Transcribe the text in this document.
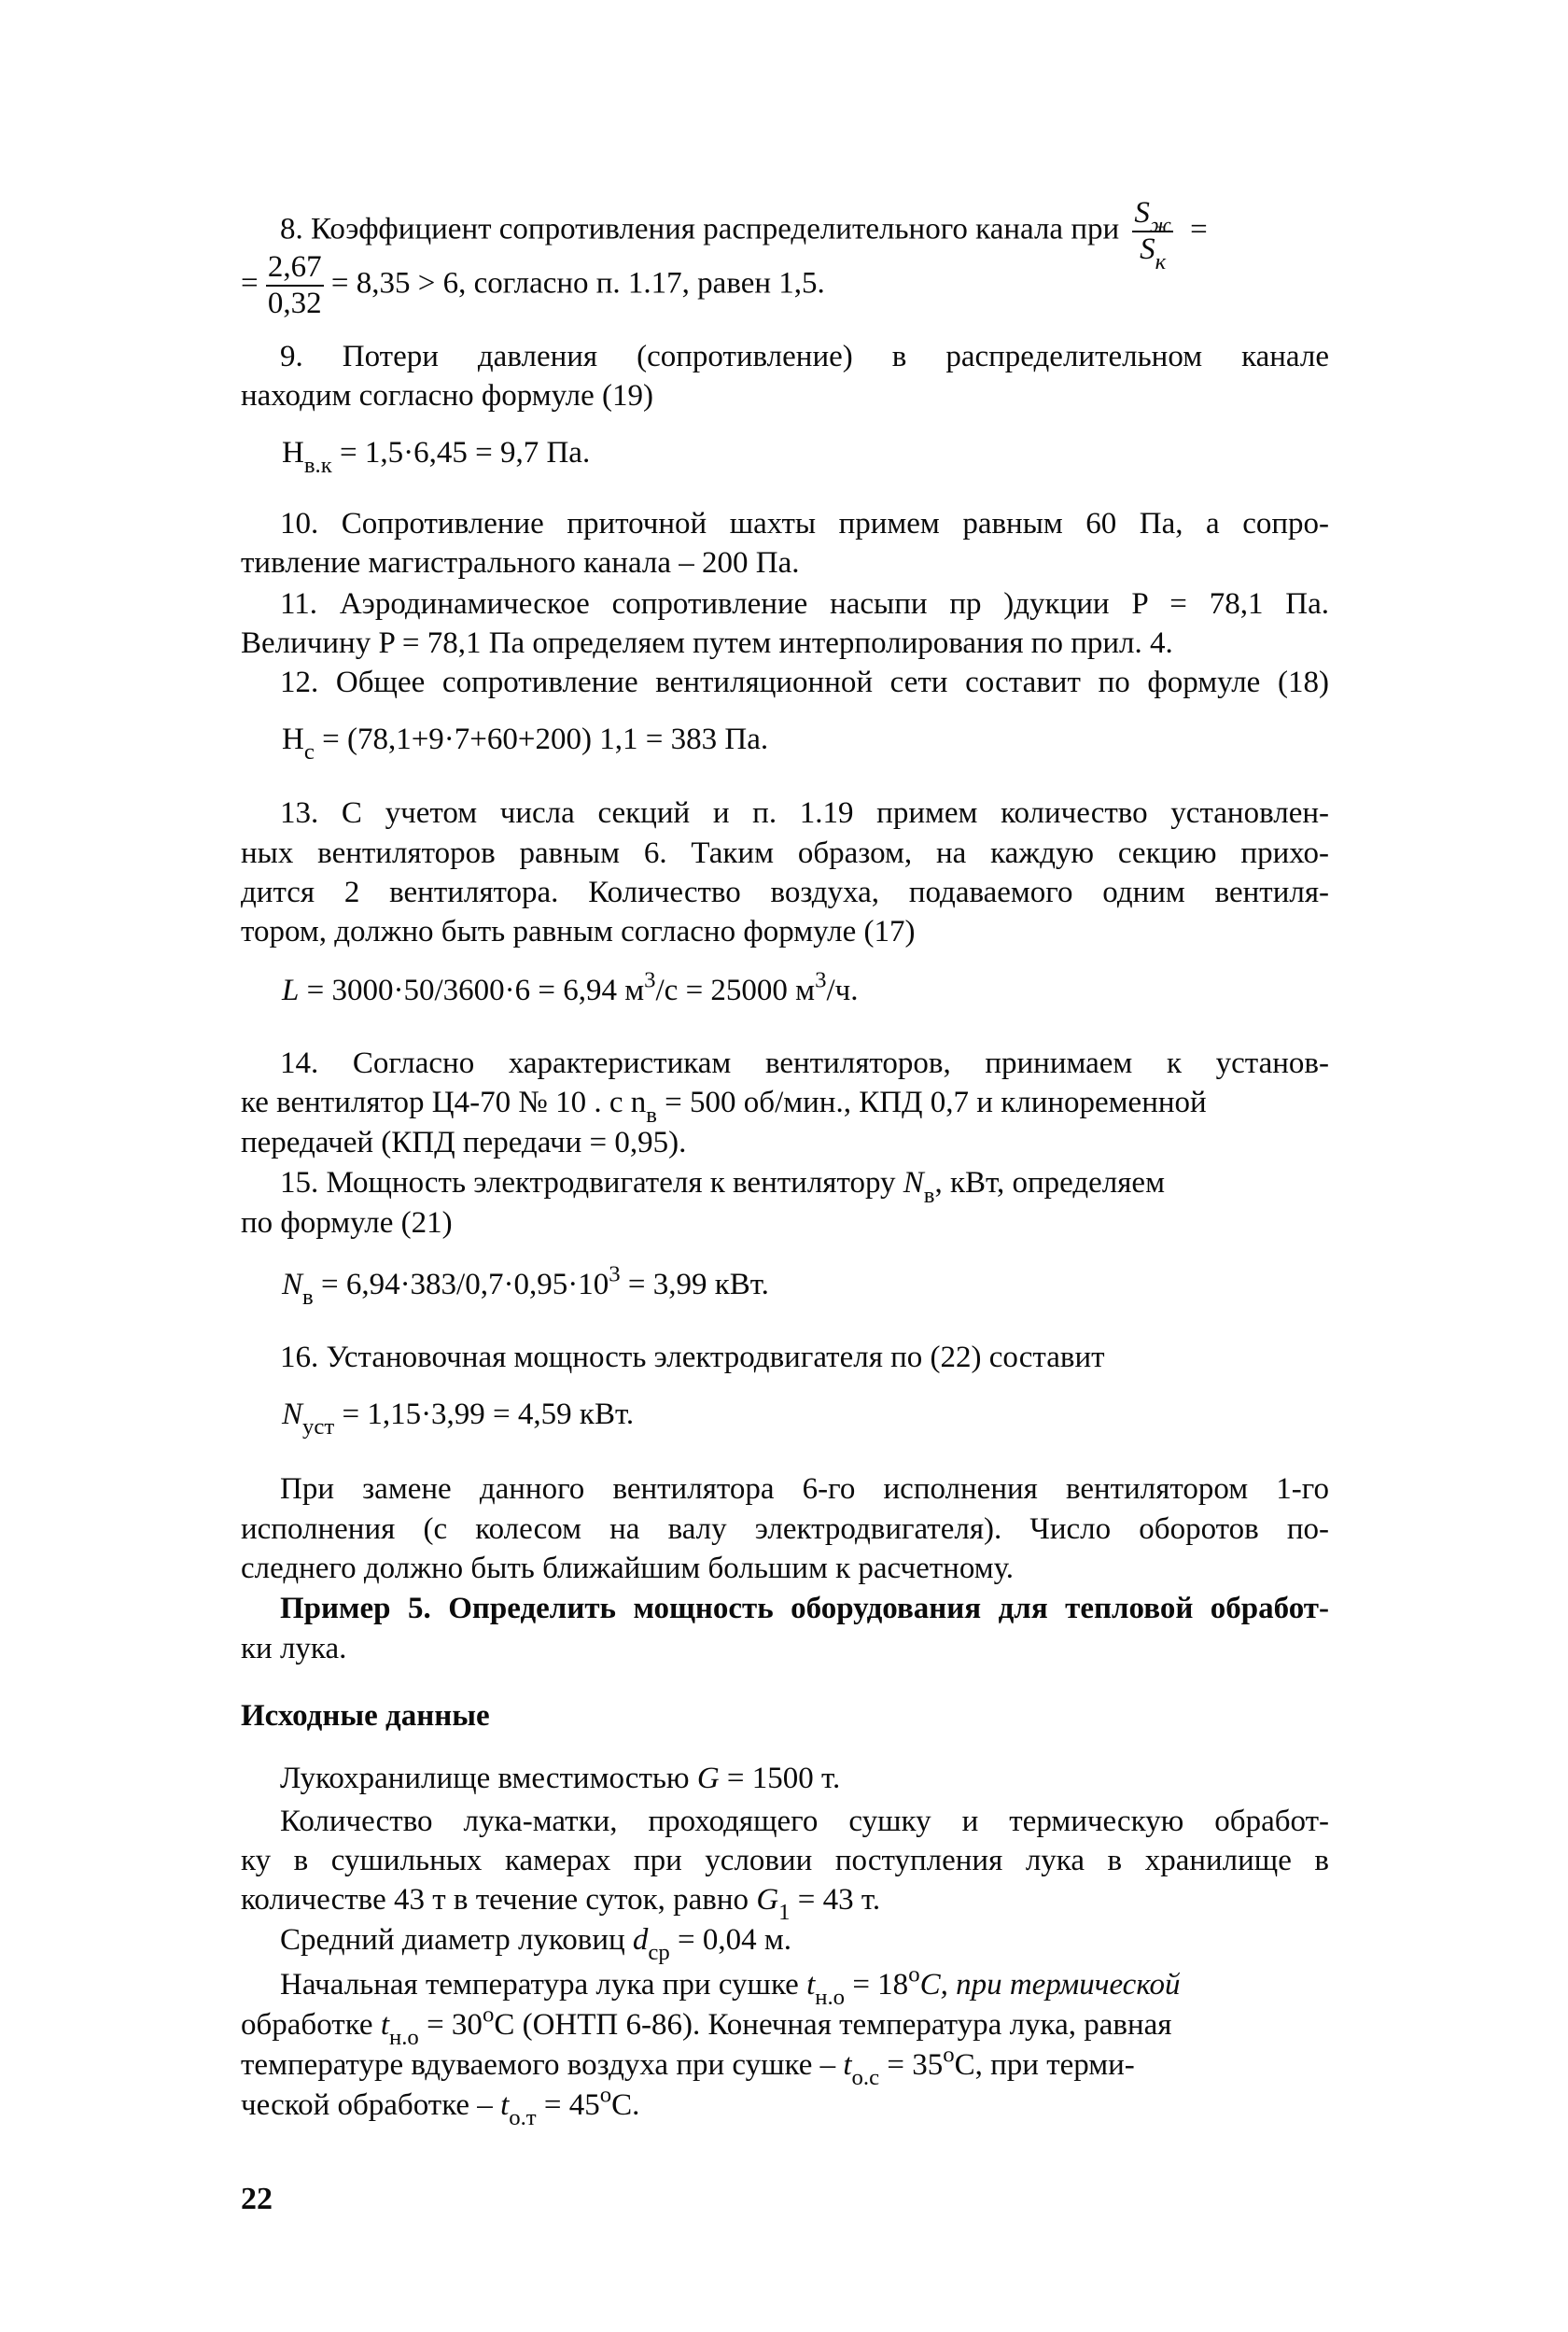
8. Коэффициент сопротивления распределительного канала при $\frac{S_ж}{S_к}$ =
= $\frac{2,67}{0,32} = 8,35 > 6$, согласно п. 1.17, равен 1,5.
9. Потери давления (сопротивление) в распределительном канале
находим согласно формуле (19)
$H_{в.к} = 1,5\cdot 6,45 = 9,7$ Па.
10. Сопротивление приточной шахты примем равным 60 Па, а сопро-
тивление магистрального канала – 200 Па.
11. Аэродинамическое сопротивление насыпи пр )дукции P = 78,1 Па.
Величину P = 78,1 Па определяем путем интерполирования по прил. 4.
12. Общее сопротивление вентиляционной сети составит по формуле (18)
$H_с = (78,1+9\cdot 7+60+200) 1,1 = 383$ Па.
13. С учетом числа секций и п. 1.19 примем количество установлен-
ных вентиляторов равным 6. Таким образом, на каждую секцию прихо-
дится 2 вентилятора. Количество воздуха, подаваемого одним вентиля-
тором, должно быть равным согласно формуле (17)
L = 3000·50/3600·6 = 6,94 $м^3/с = 25000$ $м^3/ч$.
14. Согласно характеристикам вентиляторов, принимаем к установ-
ке вентилятор Ц4-70 № 10 . с $n_в = 500$ об/мин., КПД 0,7 и клиноременной
передачей (КПД передачи = 0,95).
15. Мощность электродвигателя к вентилятору $N_в$, кВт, определяем
по формуле (21)
$N_в = 6,94\cdot 383/0,7\cdot 0,95\cdot 10^3 = 3,99$ кВт.
16. Установочная мощность электродвигателя по (22) составит
$N_{уст} = 1,15\cdot 3,99 = 4,59$ кВт.
При замене данного вентилятора 6-го исполнения вентилятором 1-го
исполнения (с колесом на валу электродвигателя). Число оборотов по-
следнего должно быть ближайшим большим к расчетному.
Пример 5. Определить мощность оборудования для тепловой обработ-
ки лука.
Исходные данные
Лукохранилище вместимостью G = 1500 т.
Количество лука-матки, проходящего сушку и термическую обработ-
ку в сушильных камерах при условии поступления лука в хранилище в
количестве 43 т в течение суток, равно $G_1 = 43$ т.
Средний диаметр луковиц $d_{ср} = 0,04$ м.
Начальная температура лука при сушке $t_{н.о} = 18^oС$, при термической
обработке $t_{н.о} = 30^oС$ (ОНТП 6-86). Конечная температура лука, равная
температуре вдуваемого воздуха при сушке – $t_{о.с} = 35^oС$, при терми-
ческой обработке – $t_{о.т} = 45^oС$.
22
